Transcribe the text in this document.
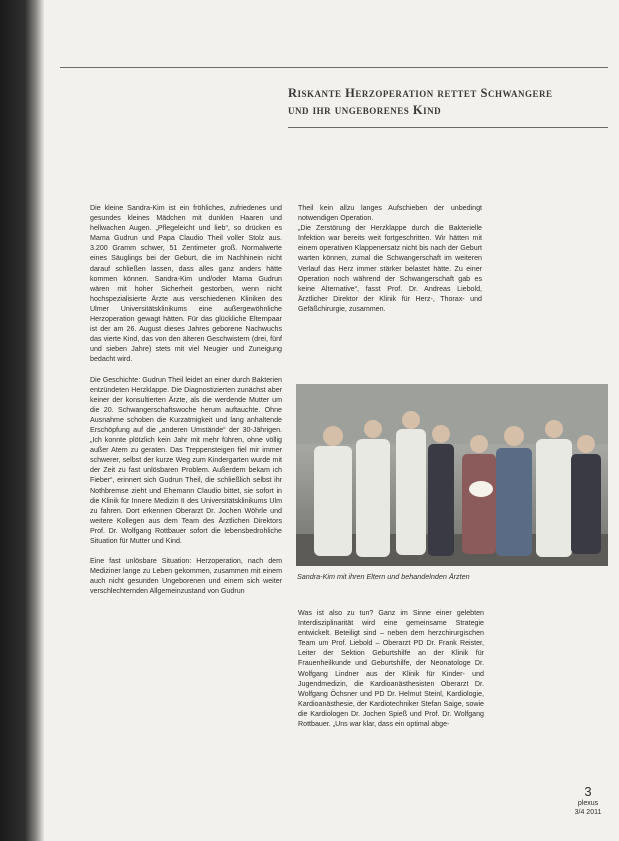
Riskante Herzoperation rettet Schwangere
und ihr ungeborenes Kind

Die kleine Sandra-Kim ist ein fröhliches, zufriedenes und gesundes kleines Mädchen mit dunklen Haaren und hellwachen Augen. „Pflegeleicht und lieb“, so drücken es Mama Gudrun und Papa Claudio Theil voller Stolz aus. 3.200 Gramm schwer, 51 Zentimeter groß. Normalwerte eines Säuglings bei der Geburt, die im Nachhinein nicht darauf schließen lassen, dass alles ganz anders hätte kommen können. Sandra-Kim und/oder Mama Gudrun wären mit hoher Sicherheit gestorben, wenn nicht hochspezialisierte Ärzte aus verschiedenen Kliniken des Ulmer Universitätsklinikums eine außergewöhnliche Herzoperation gewagt hätten. Für das glückliche Elternpaar ist der am 26. August dieses Jahres geborene Nachwuchs das vierte Kind, das von den älteren Geschwistern (drei, fünf und sieben Jahre) stets mit viel Neugier und Zuneigung bedacht wird.

Die Geschichte: Gudrun Theil leidet an einer durch Bakterien entzündeten Herzklappe. Die Diagnostizierten zunächst aber keiner der konsultierten Ärzte, als die werdende Mutter um die 20. Schwangerschaftswoche herum auftauchte. Ohne Ausnahme schoben die Kurzatmigkeit und lang anhaltende Erschöpfung auf die „anderen Umstände“ der 30-Jährigen. „Ich konnte plötzlich kein Jahr mit mehr führen, ohne völlig außer Atem zu geraten. Das Treppensteigen fiel mir immer schwerer, selbst der kurze Weg zum Kindergarten wurde mit der Zeit zu fast unlösbaren Problem. Außerdem bekam ich Fieber“, erinnert sich Gudrun Theil, die schließlich selbst ihr Nothbremse zieht und Ehemann Claudio bittet, sie sofort in die Klinik für Innere Medizin II des Universitätsklinikums Ulm zu fahren. Dort erkennen Oberarzt Dr. Jochen Wöhrle und weitere Kollegen aus dem Team des Ärztlichen Direktors Prof. Dr. Wolfgang Rottbauer sofort die lebensbedrohliche Situation für Mutter und Kind.

Eine fast unlösbare Situation: Herzoperation, nach dem Mediziner lange zu Leben gekommen, zusammen mit einem auch nicht gesunden Ungeborenen und einem sich weiter verschlechternden Allgemeinzustand von Gudrun

Theil kein allzu langes Aufschieben der unbedingt notwendigen Operation.

„Die Zerstörung der Herzklappe durch die Bakterielle Infektion war bereits weit fortgeschritten. Wir hätten mit einem operativen Klappenersatz nicht bis nach der Geburt warten können, zumal die Schwangerschaft im weiteren Verlauf das Herz immer stärker belastet hätte. Zu einer Operation noch während der Schwangerschaft gab es keine Alternative“, fasst Prof. Dr. Andreas Liebold, Ärztlicher Direktor der Klinik für Herz-, Thorax- und Gefäßchirurgie, zusammen.

Sandra-Kim mit ihren Eltern und behandelnden Ärzten

Was ist also zu tun? Ganz im Sinne einer gelebten Interdisziplinarität wird eine gemeinsame Strategie entwickelt. Beteiligt sind – neben dem herzchirurgischen Team um Prof. Liebold – Oberarzt PD Dr. Frank Reister, Leiter der Sektion Geburtshilfe an der Klinik für Frauenheilkunde und Geburtshilfe, der Neonatologe Dr. Wolfgang Lindner aus der Klinik für Kinder- und Jugendmedizin, die Kardioanästhesisten Oberarzt Dr. Wolfgang Öchsner und PD Dr. Helmut Steinl, Kardiologie, Kardioanästhesie, der Kardiotechniker Stefan Saige, sowie die Kardiologen Dr. Jochen Spieß und Prof. Dr. Wolfgang Rottbauer. „Uns war klar, dass ein optimal abge-

3
plexus
3/4 2011
